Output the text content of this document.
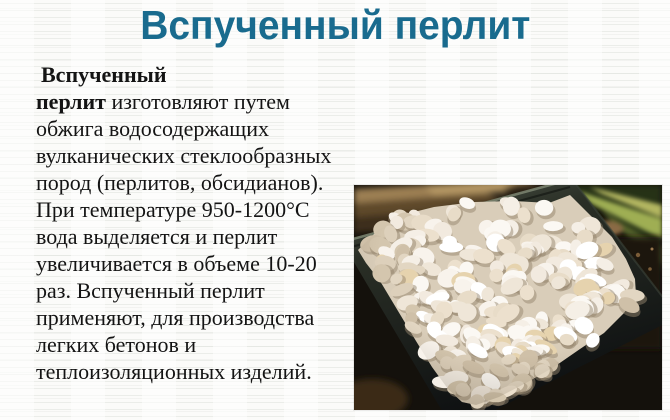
Вспученный перлит
Вспученный
перлит изготовляют путем
обжига водосодержащих
вулканических стеклообразных
пород (перлитов, обсидианов).
При температуре 950-1200°С
вода выделяется и перлит
увеличивается в объеме 10-20
раз. Вспученный перлит
применяют, для производства
легких бетонов и
теплоизоляционных изделий.
